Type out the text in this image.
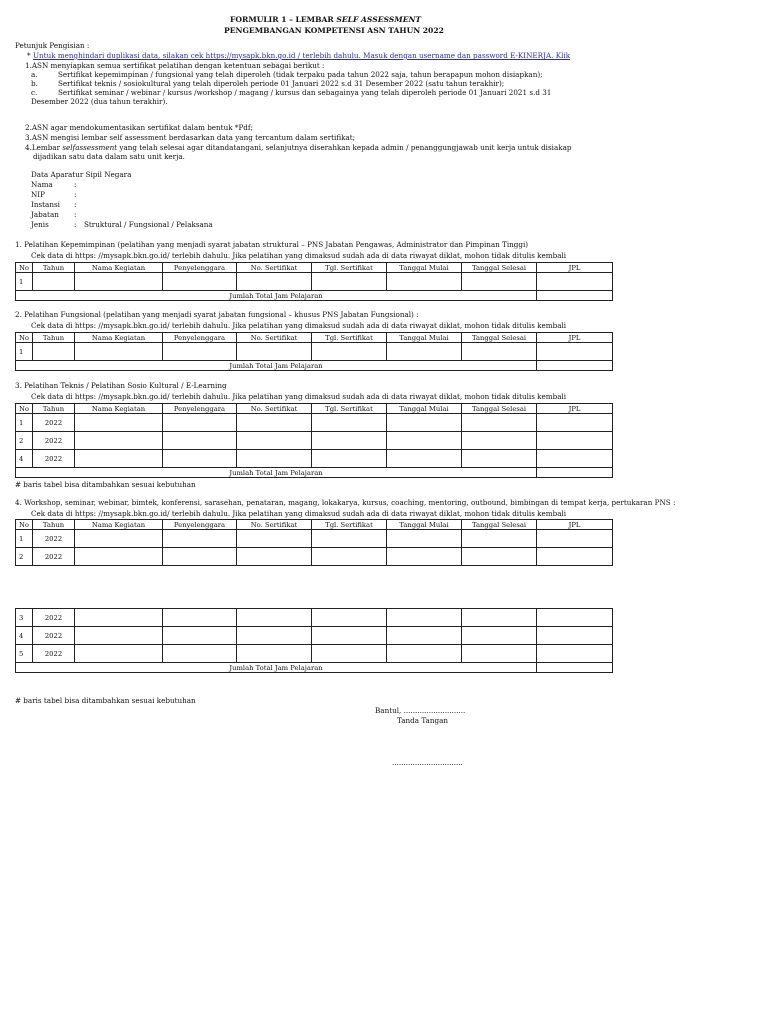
FORMULIR 1 – LEMBAR SELF ASSESSMENT
PENGEMBANGAN KOMPETENSI ASN TAHUN 2022
Petunjuk Pengisian :
* Untuk menghindari duplikasi data, silakan cek https://mysapk.bkn.go.id / terlebih dahulu. Masuk dengan username dan password E-KINERJA. Klik
1.ASN menyiapkan semua sertifikat pelatihan dengan ketentuan sebagai berikut :
a.	Sertifikat kepemimpinan / fungsional yang telah diperoleh (tidak terpaku pada tahun 2022 saja, tahun berapapun mohon disiapkan);
b.	Sertifikat teknis / sosiokultural yang telah diperoleh periode 01 Januari 2022 s.d 31 Desember 2022 (satu tahun terakhir);
c.	Sertifikat seminar / webinar / kursus /workshop / magang / kursus dan sebagainya yang telah diperoleh periode 01 Januari 2021 s.d 31
Desember 2022 (dua tahun terakhir).
2.ASN agar mendokumentasikan sertifikat dalam bentuk *Pdf;
3.ASN mengisi lembar self assessment berdasarkan data yang tercantum dalam sertifikat;
4.Lembar selfassessment yang telah selesai agar ditandatangani, selanjutnya diserahkan kepada admin / penanggungjawab unit kerja untuk disiakap
dijadikan satu data dalam satu unit kerja.
Data Aparatur Sipil Negara
Nama	:
NIP	:
Instansi :
Jabatan :
Jenis	: Struktural / Fungsional / Pelaksana
1. Pelatihan Kepemimpinan (pelatihan yang menjadi syarat jabatan struktural – PNS Jabatan Pengawas, Administrator dan Pimpinan Tinggi)
Cek data di https: //mysapk.bkn.go.id/ terlebih dahulu. Jika pelatihan yang dimaksud sudah ada di data riwayat diklat, mohon tidak ditulis kembali
No	Tahun	Nama Kegiatan	Penyelenggara	No. Sertifikat	Tgl. Sertifikat	Tanggal Mulai	Tanggal Selesai	JPL
1								
Jumlah Total Jam Pelajaran								
2. Pelatihan Fungsional (pelatihan yang menjadi syarat jabatan fungsional – khusus PNS Jabatan Fungsional) :
Cek data di https: //mysapk.bkn.go.id/ terlebih dahulu. Jika pelatihan yang dimaksud sudah ada di data riwayat diklat, mohon tidak ditulis kembali
No	Tahun	Nama Kegiatan	Penyelenggara	No. Sertifikat	Tgl. Sertifikat	Tanggal Mulai	Tanggal Selesai	JPL
1								
Jumlah Total Jam Pelajaran								
3. Pelatihan Teknis / Pelatihan Sosio Kultural / E-Learning
Cek data di https: //mysapk.bkn.go.id/ terlebih dahulu. Jika pelatihan yang dimaksud sudah ada di data riwayat diklat, mohon tidak ditulis kembali
No	Tahun	Nama Kegiatan	Penyelenggara	No. Sertifikat	Tgl. Sertifikat	Tanggal Mulai	Tanggal Selesai	JPL
1	2022							
2	2022							
4	2022							
Jumlah Total Jam Pelajaran								
# baris tabel bisa ditambahkan sesuai kebutuhan
4. Workshop, seminar, webinar, bimtek, konferensi, sarasehan, penataran, magang, lokakarya, kursus, coaching, mentoring, outbound, bimbingan di tempat kerja, pertukaran PNS :
Cek data di https: //mysapk.bkn.go.id/ terlebih dahulu. Jika pelatihan yang dimaksud sudah ada di data riwayat diklat, mohon tidak ditulis kembali
No	Tahun	Nama Kegiatan	Penyelenggara	No. Sertifikat	Tgl. Sertifikat	Tanggal Mulai	Tanggal Selesai	JPL
1	2022							
2	2022							
3	2022							
4	2022							
5	2022							
Jumlah Total Jam Pelajaran								
# baris tabel bisa ditambahkan sesuai kebutuhan
Bantul, ...........................
Tanda Tangan
...............................
